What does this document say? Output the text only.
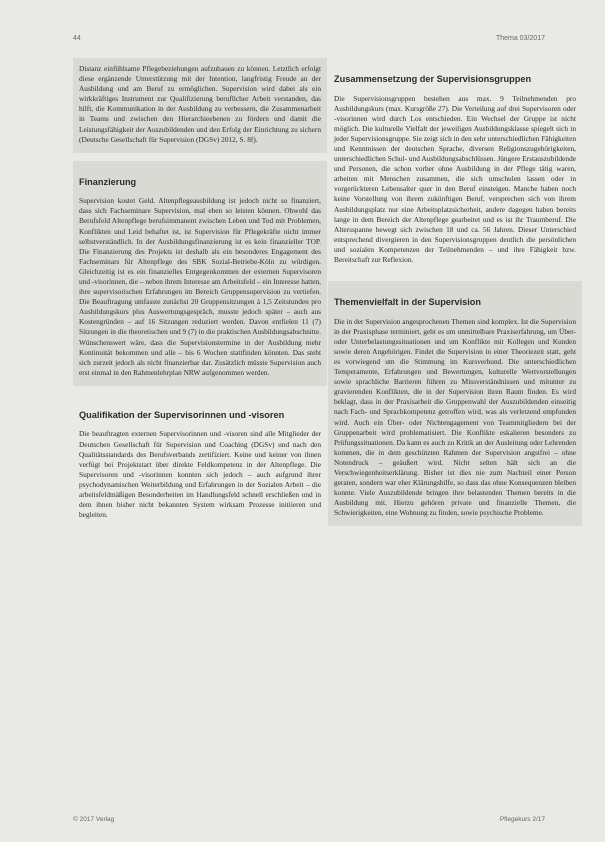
44	Thema 03/2017

Distanz einfühlsame Pflegebeziehungen aufzubauen zu können. Letztlich erfolgt diese ergänzende Unterstützung mit der Intention, langfristig Freude an der Ausbildung und am Beruf zu ermöglichen. Supervision wird dabei als ein wirkkräftiges Instrument zur Qualifizierung beruflicher Arbeit verstanden, das hilft, die Kommunikation in der Ausbildung zu verbessern, die Zusammenarbeit in Teams und zwischen den Hierarchieebenen zu fördern und damit die Leistungsfähigkeit der Auszubildenden und den Erfolg der Einrichtung zu sichern (Deutsche Gesellschaft für Supervision (DGSv) 2012, S. 8f).

Finanzierung

Supervision kostet Geld. Altenpflegeausbildung ist jedoch nicht so finanziert, dass sich Fachseminare Supervision, mal eben so leisten können. Obwohl das Berufsfeld Altenpflege berufsimmanent zwischen Leben und Tod mit Problemen, Konflikten und Leid behaftet ist, ist Supervision für Pflegekräfte nicht immer selbstverständlich. In der Ausbildungsfinanzierung ist es kein finanzieller TOP. Die Finanzierung des Projekts ist deshalb als ein besonderes Engagement des Fachseminars für Altenpflege des SBK Sozial-Betriebe-Köln zu würdigen. Gleichzeitig ist es ein finanzielles Entgegenkommen der externen Supervisoren und -visorinnen, die – neben ihrem Interesse am Arbeitsfeld – ein Interesse hatten, ihre supervisorischen Erfahrungen im Bereich Gruppensupervision zu vertiefen. Die Beauftragung umfasste zunächst 20 Gruppensitzungen à 1,5 Zeitstunden pro Ausbildungskurs plus Auswertungsgespräch, musste jedoch später – auch aus Kostengründen – auf 16 Sitzungen reduziert werden. Davon entfielen 11 (7) Sitzungen in die theoretischen und 9 (7) in die praktischen Ausbildungsabschnitte. Wünschenswert wäre, dass die Supervisionstermine in der Ausbildung mehr Kontinuität bekommen und alle – bis 6 Wochen stattfinden könnten. Das steht sich zurzeit jedoch als nicht finanzierbar dar. Zusätzlich müsste Supervision auch erst einmal in den Rahmenlehrplan NRW aufgenommen werden.

Qualifikation der Supervisorinnen und -visoren

Die beauftragten externen Supervisorinnen und -visoren sind alle Mitglieder der Deutschen Gesellschaft für Supervision und Coaching (DGSv) und nach den Qualitätsstandards des Berufsverbands zertifiziert. Keine und keiner von ihnen verfügt bei Projektstart über direkte Feldkompetenz in der Altenpflege. Die Supervisoren und -visorinnen konnten sich jedoch – auch aufgrund ihrer psychodynamischen Weiterbildung und Erfahrungen in der Sozialen Arbeit – die arbeitsfeldmäßigen Besonderheiten im Handlungsfeld schnell erschließen und in dem ihnen bisher nicht bekannten System wirksam Prozesse initiieren und begleiten.

Zusammensetzung der Supervisionsgruppen

Die Supervisionsgruppen bestehen aus max. 9 Teilnehmenden pro Ausbildungskurs (max. Kursgröße 27). Die Verteilung auf drei Supervisoren oder -visorinnen wird durch Los entschieden. Ein Wechsel der Gruppe ist nicht möglich. Die kulturelle Vielfalt der jeweiligen Ausbildungsklasse spiegelt sich in jeder Supervisionsgruppe. Sie zeigt sich in den sehr unterschiedlichen Fähigkeiten und Kenntnissen der deutschen Sprache, diversen Religionszugehörigkeiten, unterschiedlichen Schul- und Ausbildungsabschlüssen. Jüngere Erstauszubildende und Personen, die schon vorher ohne Ausbildung in der Pflege tätig waren, arbeiten mit Menschen zusammen, die sich umschulen lassen oder in vorgerückteren Lebensalter quer in den Beruf einsteigen. Manche haben noch keine Vorstellung von ihrem zukünftigen Beruf, versprechen sich von ihrem Ausbildungsplatz nur eine Arbeitsplatzsicherheit, andere dagegen haben bereits lange in dem Bereich der Altenpflege gearbeitet und es ist ihr Traumberuf. Die Altersspanne bewegt sich zwischen 18 und ca. 56 Jahren. Dieser Unterschied entsprechend divergieren in den Supervisionsgruppen deutlich die persönlichen und sozialen Kompetenzen der Teilnehmenden – und ihre Fähigkeit bzw. Bereitschaft zur Reflexion.

Themenvielfalt in der Supervision

Die in der Supervision angesprochenen Themen sind komplex. Ist die Supervision in der Praxisphase terminiert, geht es um unmittelbare Praxiserfahrung, um Über- oder Unterbelastungssituationen und um Konflikte mit Kollegen und Kunden sowie deren Angehörigen. Findet die Supervision in einer Theoriezeit statt, geht es vorwiegend um die Stimmung im Kursverbund. Die unterschiedlichen Temperamente, Erfahrungen und Bewertungen, kulturelle Wertvorstellungen sowie sprachliche Barrieren führen zu Missverständnissen und mitunter zu gravierenden Konflikten, die in der Supervision ihren Raum finden. Es wird beklagt, dass in der Praxisarbeit die Gruppenwahl der Auszubildenden einseitig nach Fach- und Sprachkompetenz getroffen wird, was als verletzend empfunden wird. Auch ein Über- oder Nichtengagement von Teammitgliedern bei der Gruppenarbeit wird problematisiert. Die Konflikte eskalieren besonders zu Prüfungssituationen. Da kann es auch zu Kritik an der Ausleitung oder Lehrenden kommen, die in dem geschützten Rahmen der Supervision angstfrei – ohne Notendruck – geäußert wird. Nicht selten hält sich an die Verschwiegenheitserklärung. Bisher ist dies nie zum Nachteil einer Person geraten, sondern war eher Klärungshilfe, so dass das ohne Konsequenzen bleiben konnte. Viele Auszubildende bringen ihre belastenden Themen bereits in die Ausbildung mit. Hierzu gehören private und finanzielle Themen, die Schwierigkeiten, eine Wohnung zu finden, sowie psychische Probleme.

© 2017 Verlag	Pflegekurs 2/17
